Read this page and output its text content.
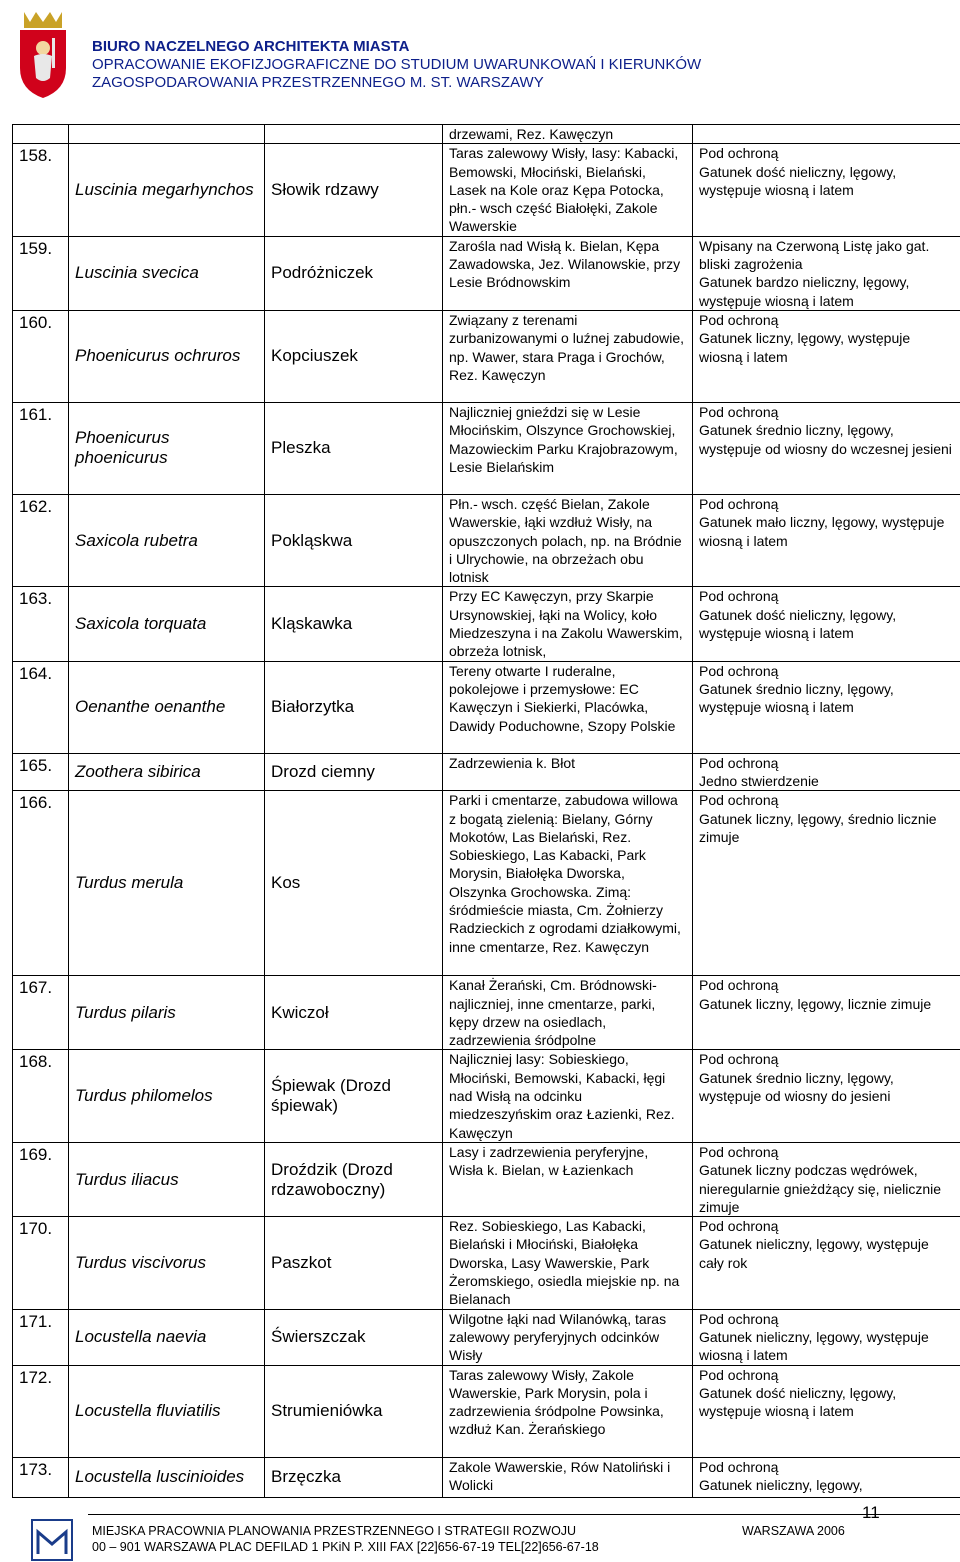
BIURO NACZELNEGO ARCHITEKTA MIASTA
OPRACOWANIE EKOFIZJOGRAFICZNE DO STUDIUM UWARUNKOWAŃ I KIERUNKÓW
ZAGOSPODAROWANIA PRZESTRZENNEGO M. ST. WARSZAWY
			drzewami, Rez. Kawęczyn	

158.	Luscinia megarhynchos	Słowik rdzawy	Taras zalewowy Wisły, lasy: Kabacki, Bemowski, Młociński, Bielański, Lasek na Kole oraz Kępa Potocka, płn.- wsch część Białołęki, Zakole Wawerskie	Pod ochroną
Gatunek dość nieliczny, lęgowy, występuje wiosną i latem

159.	Luscinia svecica	Podróżniczek	Zarośla nad Wisłą k. Bielan, Kępa Zawadowska, Jez. Wilanowskie, przy Lesie Bródnowskim	Wpisany na Czerwoną Listę jako gat. bliski zagrożenia
Gatunek bardzo nieliczny, lęgowy, występuje wiosną i latem

160.	Phoenicurus ochruros	Kopciuszek	Związany z terenami zurbanizowanymi o luźnej zabudowie, np. Wawer, stara Praga i Grochów, Rez. Kawęczyn	Pod ochroną
Gatunek liczny, lęgowy, występuje wiosną i latem

161.	Phoenicurus phoenicurus	Pleszka	Najliczniej gnieździ się w Lesie Młocińskim, Olszynce Grochowskiej, Mazowieckim Parku Krajobrazowym, Lesie Bielańskim	Pod ochroną
Gatunek średnio liczny, lęgowy, występuje od wiosny do wczesnej jesieni

162.	Saxicola rubetra	Pokląskwa	Płn.- wsch. część Bielan, Zakole Wawerskie, łąki wzdłuż Wisły, na opuszczonych polach, np. na Bródnie i Ulrychowie, na obrzeżach obu lotnisk	Pod ochroną
Gatunek mało liczny, lęgowy, występuje wiosną i latem

163.	Saxicola torquata	Kląskawka	Przy EC Kawęczyn, przy Skarpie Ursynowskiej, łąki na Wolicy, koło Miedzeszyna i na Zakolu Wawerskim, obrzeża lotnisk,	Pod ochroną
Gatunek dość nieliczny, lęgowy, występuje wiosną i latem

164.	Oenanthe oenanthe	Białorzytka	Tereny otwarte I ruderalne, pokolejowe i przemysłowe: EC Kawęczyn i Siekierki, Placówka, Dawidy Poduchowne, Szopy Polskie	Pod ochroną
Gatunek średnio liczny, lęgowy, występuje wiosną i latem

165.	Zoothera sibirica	Drozd ciemny	Zadrzewienia k. Błot	Pod ochroną
Jedno stwierdzenie

166.	Turdus merula	Kos	Parki i cmentarze, zabudowa willowa z bogatą zielenią: Bielany, Górny Mokotów, Las Bielański, Rez. Sobieskiego, Las Kabacki, Park Morysin, Białołęka Dworska, Olszynka Grochowska. Zimą: śródmieście miasta, Cm. Żołnierzy Radzieckich z ogrodami działkowymi, inne cmentarze, Rez. Kawęczyn	Pod ochroną
Gatunek liczny, lęgowy, średnio licznie zimuje

167.	Turdus pilaris	Kwiczoł	Kanał Żerański, Cm. Bródnowski- najliczniej, inne cmentarze, parki, kępy drzew na osiedlach, zadrzewienia śródpolne	Pod ochroną
Gatunek liczny, lęgowy, licznie zimuje

168.	Turdus philomelos	Śpiewak (Drozd śpiewak)	Najliczniej lasy: Sobieskiego, Młociński, Bemowski, Kabacki, łęgi nad Wisłą na odcinku miedzeszyńskim oraz Łazienki, Rez. Kawęczyn	Pod ochroną
Gatunek średnio liczny, lęgowy, występuje od wiosny do jesieni

169.	Turdus iliacus	Droździk (Drozd rdzawoboczny)	Lasy i zadrzewienia peryferyjne, Wisła k. Bielan, w Łazienkach	Pod ochroną
Gatunek liczny podczas wędrówek, nieregularnie gnieżdżący się, nielicznie zimuje

170.	Turdus viscivorus	Paszkot	Rez. Sobieskiego, Las Kabacki, Bielański i Młociński, Białołęka Dworska, Lasy Wawerskie, Park Żeromskiego, osiedla miejskie np. na Bielanach	Pod ochroną
Gatunek nieliczny, lęgowy, występuje cały rok

171.	Locustella naevia	Świerszczak	Wilgotne łąki nad Wilanówką, taras zalewowy peryferyjnych odcinków Wisły	Pod ochroną
Gatunek nieliczny, lęgowy, występuje wiosną i latem

172.	Locustella fluviatilis	Strumieniówka	Taras zalewowy Wisły, Zakole Wawerskie, Park Morysin, pola i zadrzewienia śródpolne Powsinka, wzdłuż Kan. Żerańskiego	Pod ochroną
Gatunek dość nieliczny, lęgowy, występuje wiosną i latem

173.	Locustella luscinioides	Brzęczka	Zakole Wawerskie, Rów Natoliński i Wolicki	Pod ochroną
Gatunek nieliczny, lęgowy,
11
MIEJSKA PRACOWNIA PLANOWANIA PRZESTRZENNEGO I STRATEGII ROZWOJU	WARSZAWA 2006
00 – 901 WARSZAWA PLAC DEFILAD 1 PKiN P. XIII FAX [22]656-67-19 TEL[22]656-67-18
